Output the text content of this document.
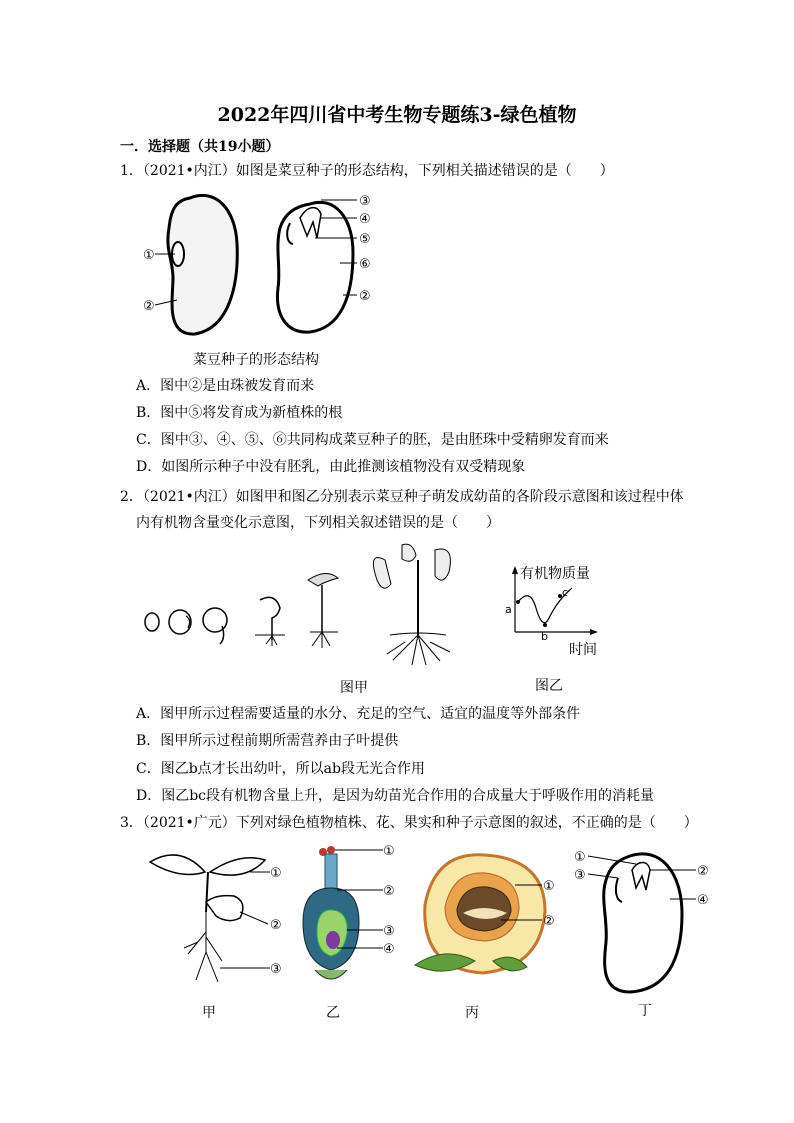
2022年四川省中考生物专题练3-绿色植物
一．选择题（共19小题）
1．（2021•内江）如图是菜豆种子的形态结构，下列相关描述错误的是（　　）
①
②
③
④
⑤
⑥
②
菜豆种子的形态结构
A．图中②是由珠被发育而来
B．图中⑤将发育成为新植株的根
C．图中③、④、⑤、⑥共同构成菜豆种子的胚，是由胚珠中受精卵发育而来
D．如图所示种子中没有胚乳，由此推测该植物没有双受精现象
2．（2021•内江）如图甲和图乙分别表示菜豆种子萌发成幼苗的各阶段示意图和该过程中体
内有机物含量变化示意图，下列相关叙述错误的是（　　）
有机物质量
a
b
c
时间
图甲	图乙
A．图甲所示过程需要适量的水分、充足的空气、适宜的温度等外部条件
B．图甲所示过程前期所需营养由子叶提供
C．图乙b点才长出幼叶，所以ab段无光合作用
D．图乙bc段有机物含量上升，是因为幼苗光合作用的合成量大于呼吸作用的消耗量
3．（2021•广元）下列对绿色植物植株、花、果实和种子示意图的叙述，不正确的是（　　）
①
②
③
①
②
③
④
①
②
①
③	②
④
甲	乙	丙	丁
